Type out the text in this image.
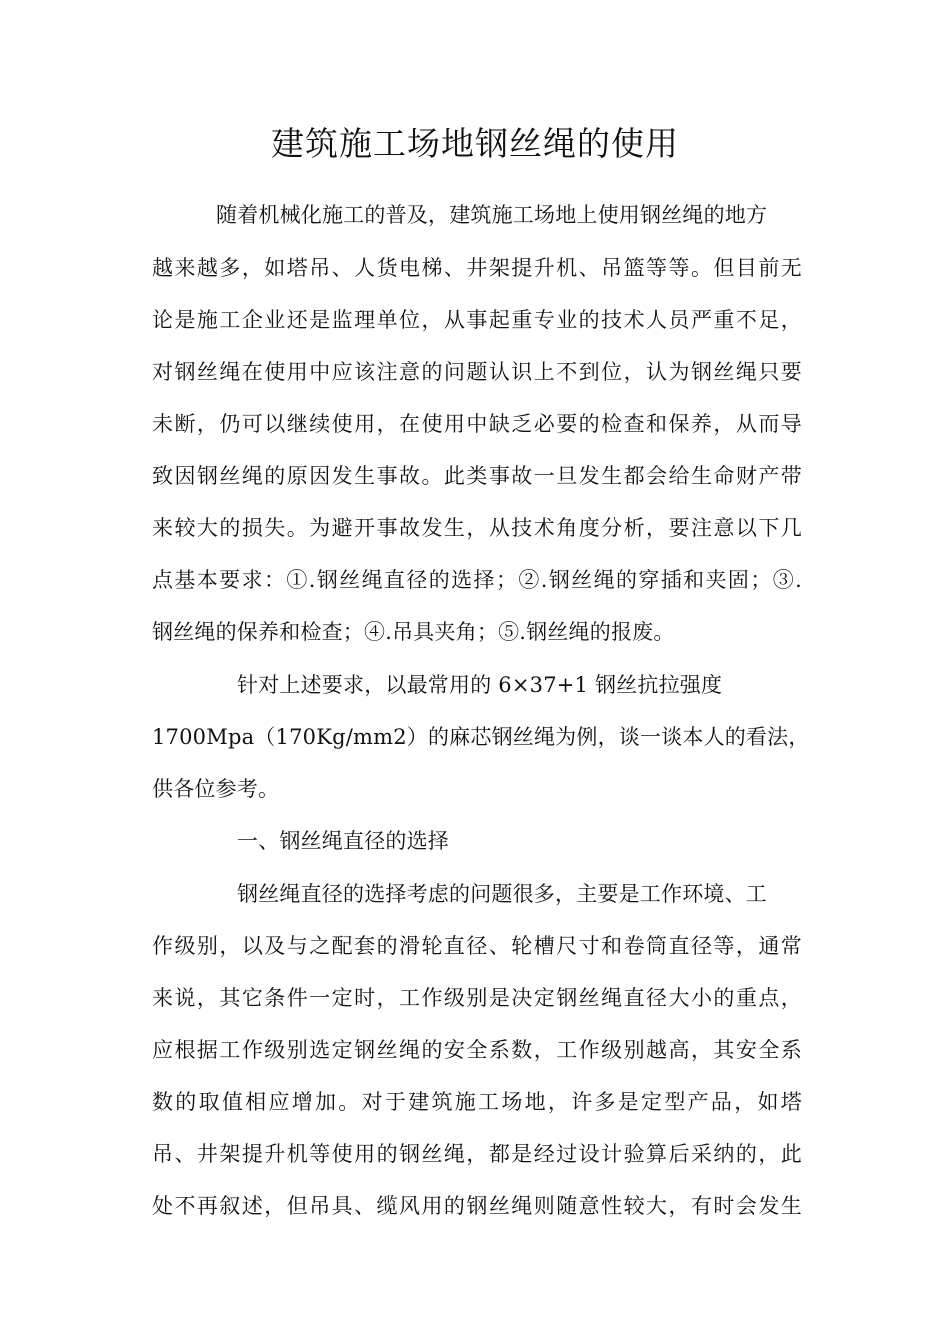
建筑施工场地钢丝绳的使用
随着机械化施工的普及，建筑施工场地上使用钢丝绳的地方
越来越多，如塔吊、人货电梯、井架提升机、吊篮等等。但目前无
论是施工企业还是监理单位，从事起重专业的技术人员严重不足，
对钢丝绳在使用中应该注意的问题认识上不到位，认为钢丝绳只要
未断，仍可以继续使用，在使用中缺乏必要的检查和保养，从而导
致因钢丝绳的原因发生事故。此类事故一旦发生都会给生命财产带
来较大的损失。为避开事故发生，从技术角度分析，要注意以下几
点基本要求：①.钢丝绳直径的选择；②.钢丝绳的穿插和夹固；③.
钢丝绳的保养和检查；④.吊具夹角；⑤.钢丝绳的报废。
针对上述要求，以最常用的 6×37+1 钢丝抗拉强度
1700Mpa（170Kg/mm2）的麻芯钢丝绳为例，谈一谈本人的看法，
供各位参考。
一、钢丝绳直径的选择
钢丝绳直径的选择考虑的问题很多，主要是工作环境、工
作级别，以及与之配套的滑轮直径、轮槽尺寸和卷筒直径等，通常
来说，其它条件一定时，工作级别是决定钢丝绳直径大小的重点，
应根据工作级别选定钢丝绳的安全系数，工作级别越高，其安全系
数的取值相应增加。对于建筑施工场地，许多是定型产品，如塔
吊、井架提升机等使用的钢丝绳，都是经过设计验算后采纳的，此
处不再叙述，但吊具、缆风用的钢丝绳则随意性较大，有时会发生
